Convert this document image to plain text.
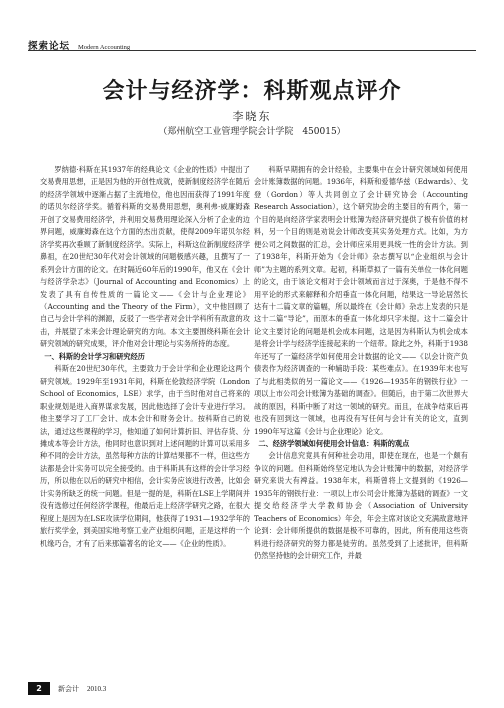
探索论坛 Modern Accounting
会计与经济学：科斯观点评介
李晓东
（郑州航空工业管理学院会计学院　450015）

罗纳德·科斯在其1937年的经典论文《企业的性质》中提出了交易费用思想，正是因为他的开创性成就，使新制度经济学在随后的经济学领域中逐渐占据了主流地位，他也因而获得了1991年度的诺贝尔经济学奖。循着科斯的交易费用思想，奥利弗·威廉姆森开创了交易费用经济学，并利用交易费用理论深入分析了企业的边界问题，威廉姆森在这个方面的杰出贡献，使得2009年诺贝尔经济学奖再次垂顾了新制度经济学。实际上，科斯这位新制度经济学鼻祖，在20世纪30年代对会计领域的问题极感兴趣，且撰写了一系列会计方面的论文。在时隔近60年后的1990年，他又在《会计与经济学杂志》（Journal of Accounting and Economics）上发表了具有自传性质的一篇论文——《会计与企业理论》（Accounting and the Theory of the Firm），文中他回顾了自己与会计学科的渊源，反驳了一些学者对会计学科所有敌意的攻击，并展望了未来会计理论研究的方向。本文主要围绕科斯在会计研究领域的研究成果，评介他对会计理论与实务所持的态度。

一、科斯的会计学习和研究经历

科斯在20世纪30年代，主要致力于会计学和企业理论这两个研究领域。1929年至1931年间，科斯在伦敦经济学院（London School of Economics，LSE）求学，由于当时他对自己将来的职业规划是进入商界谋求发展，因此他选择了会计专业进行学习。他主要学习了工厂会计、成本会计和财务会计。按科斯自己的说法，通过这些课程的学习，他知道了如何计算折旧、评估存货、分摊成本等会计方法，他同时也意识到对上述问题的计算可以采用多种不同的会计方法，虽然每种方法的计算结果都不一样，但这些方法都是会计实务可以完全接受的。由于科斯具有这样的会计学习经历，所以他在以后的研究中相信，会计实务应该进行改善，比如会计实务所缺乏的统一问题。但是一提的是，科斯在LSE上学期间并没有选修过任何经济学课程，他最后走上经济学研究之路，在很大程度上是因为在LSE攻读学位期间，他获得了1931—1932学年的旅行奖学金，到美国实地考察工业产业组织问题，正是这样的一个机缘巧合，才有了后来那篇著名的论文——《企业的性质》。

科斯早期拥有的会计经验，主要集中在会计研究领域如何使用会计账簿数据的问题。1936年，科斯和爱德华兹（Edwards）、戈登（Gordon）等人共同创立了会计研究协会（Accounting Research Association），这个研究协会的主要目的有两个，第一个目的是向经济学家表明会计账簿为经济研究提供了极有价值的材料，另一个目的则是劝说会计师改变其实务处理方式。比如，为方便公司之间数据的汇总，会计师应采用更具统一性的会计方法。到了1938年，科斯开始为《会计师》杂志撰写以“企业组织与会计师”为主题的系列文章。起初，科斯草拟了一篇有关单位一体化问题的论文，由于该论文相对于会计领域而言过于深奥，于是他不得不用平论的形式来解释和介绍垂直一体化问题，结果这一导论居然长达有十二篇文章的篇幅，所以最终在《会计师》杂志上发表的只是这十二篇“导论”，而原本的垂直一体化却只字未提。这十二篇会计论文主要讨论的问题是机会成本问题，这是因为科斯认为机会成本是将会计学与经济学连接起来的一个纽带。除此之外，科斯于1938年还写了一篇经济学如何使用会计数据的论文——《以会计资产负债表作为经济调查的一种辅助手段：某些难点》。在1939年末也写了与此相类似的另一篇论文——《1926—1935年的钢铁行业》一项以上市公司会计账簿为基础的调查》。但随后，由于第二次世界大战的原因，科斯中断了对这一领域的研究。而且，在战争结束后再也没有回到这一领域，也再没有写任何与会计有关的论文，直到1990年写这篇《会计与企业理论》论文。

二、经济学领域如何使用会计信息：科斯的观点

会计信息究竟具有何种社会功用，即使在现在，也是一个颇有争议的问题。但科斯始终坚定地认为会计账簿中的数据，对经济学研究来说大有裨益。1938年末，科斯曾将上文提到的《1926—1935年的钢铁行业：一项以上市公司会计账簿为基础的调查》一文提交给经济学大学教师协会（Association of University Teachers of Economics）年会，年会主席对该论文充满敌意地评论到：会计师所提供的数据是极不可靠的，因此，所有使用这些资料进行经济研究的努力都是徒劳的。虽然受到了上述批评，但科斯仍然坚持他的会计研究工作，并最

2	新会计 2010.3
